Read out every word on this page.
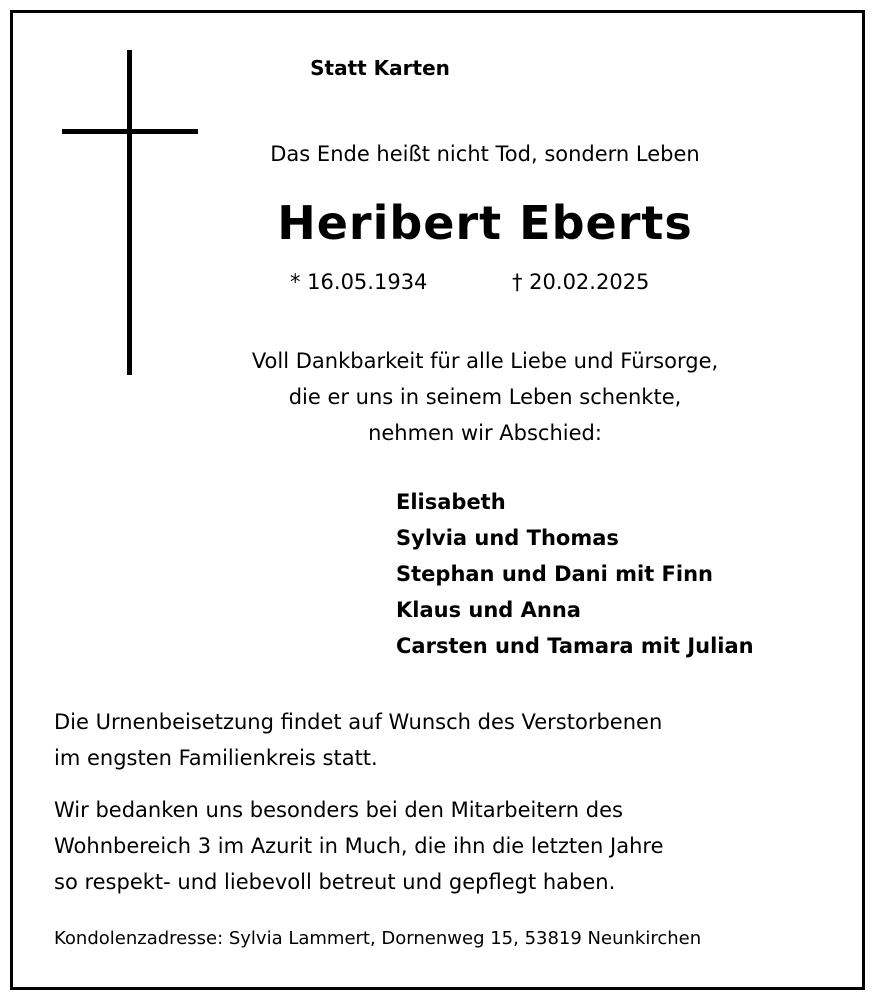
Statt Karten
Das Ende heißt nicht Tod, sondern Leben
Heribert Eberts
* 16.05.1934	† 20.02.2025
Voll Dankbarkeit für alle Liebe und Fürsorge,
die er uns in seinem Leben schenkte,
nehmen wir Abschied:
Elisabeth
Sylvia und Thomas
Stephan und Dani mit Finn
Klaus und Anna
Carsten und Tamara mit Julian
Die Urnenbeisetzung findet auf Wunsch des Verstorbenen
im engsten Familienkreis statt.
Wir bedanken uns besonders bei den Mitarbeitern des
Wohnbereich 3 im Azurit in Much, die ihn die letzten Jahre
so respekt- und liebevoll betreut und gepflegt haben.
Kondolenzadresse: Sylvia Lammert, Dornenweg 15, 53819 Neunkirchen
